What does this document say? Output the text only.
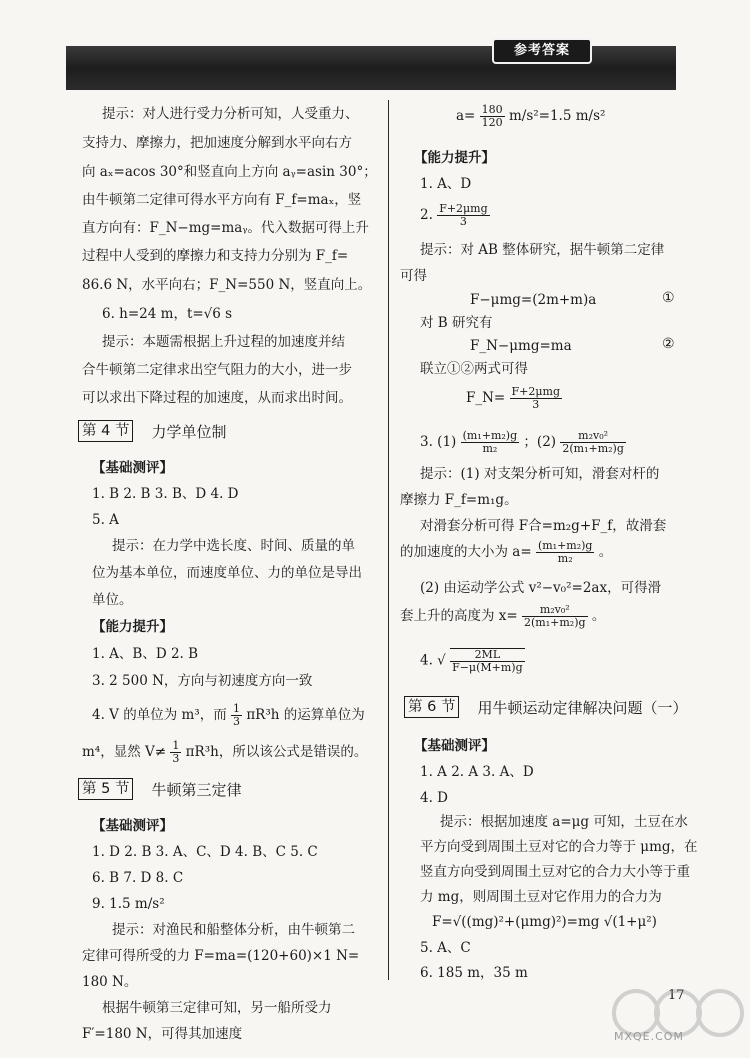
参考答案
提示：对人进行受力分析可知，人受重力、
支持力、摩擦力，把加速度分解到水平向右方
向 aₓ=acos 30°和竖直向上方向 aᵧ=asin 30°；
由牛顿第二定律可得水平方向有 F_f=maₓ，竖
直方向有：F_N−mg=maᵧ。代入数据可得上升
过程中人受到的摩擦力和支持力分别为 F_f=
86.6 N，水平向右；F_N=550 N，竖直向上。
6. h=24 m，t=√6 s
提示：本题需根据上升过程的加速度并结
合牛顿第二定律求出空气阻力的大小，进一步
可以求出下降过程的加速度，从而求出时间。
第 4 节 力学单位制
【基础测评】
1. B 2. B 3. B、D 4. D
5. A
提示：在力学中选长度、时间、质量的单
位为基本单位，而速度单位、力的单位是导出
单位。
【能力提升】
1. A、B、D 2. B
3. 2 500 N，方向与初速度方向一致
4. V 的单位为 m³，而 $\frac{1}{3} \pi R^3h$ 的运算单位为
m⁴，显然 $V\ne \frac{1}{3} \pi R^3h$，所以该公式是错误的。
第 5 节 牛顿第三定律
【基础测评】
1. D 2. B 3. A、C、D 4. B、C 5. C
6. B 7. D 8. C
9. 1.5 m/s²
提示：对渔民和船整体分析，由牛顿第二
定律可得所受的力 F=ma=(120+60)×1 N=
180 N。
根据牛顿第三定律可知，另一船所受力
F′=180 N，可得其加速度
$a= \frac{180}{120} m/s^2=1.5$ m/s²
【能力提升】
1. A、D
2. $\frac{\text{F+2μmg}}{3}$
提示：对 AB 整体研究，据牛顿第二定律
可得
F−μmg=(2m+m)a	①
对 B 研究有
F_N−μmg=ma	②
联立①②两式可得
F_N= $\frac{\text{F+2μmg}}{3}$
3. $(1) \frac{\text{(m₁+m₂)g}}{\text{m₂}}$ ；$(2) \frac{\text{m₂v₀²}}{\text{2(m₁+m₂)g}}$
提示：(1) 对支架分析可知，滑套对杆的
摩擦力 F_f=m₁g。
对滑套分析可得 F合=m₂g+F_f，故滑套
的加速度的大小为 $a= \frac{\text{(m₁+m₂)g}}{\text{m₂}}$ 。
(2) 由运动学公式 v²−v₀²=2ax，可得滑
套上升的高度为 $x= \frac{\text{m₂v₀²}}{\text{2(m₁+m₂)g}}$ 。
4. √ $\frac{2ML}{F-\mu(M+m)g}$
第 6 节 用牛顿运动定律解决问题（一）
【基础测评】
1. A 2. A 3. A、D
4. D
提示：根据加速度 a=μg 可知，土豆在水
平方向受到周围土豆对它的合力等于 μmg，在
竖直方向受到周围土豆对它的合力大小等于重
力 mg，则周围土豆对它作用力的合力为
F=√((mg)²+(μmg)²)=mg √(1+μ²)
5. A、C
6. 185 m，35 m
17
MXQE.COM
